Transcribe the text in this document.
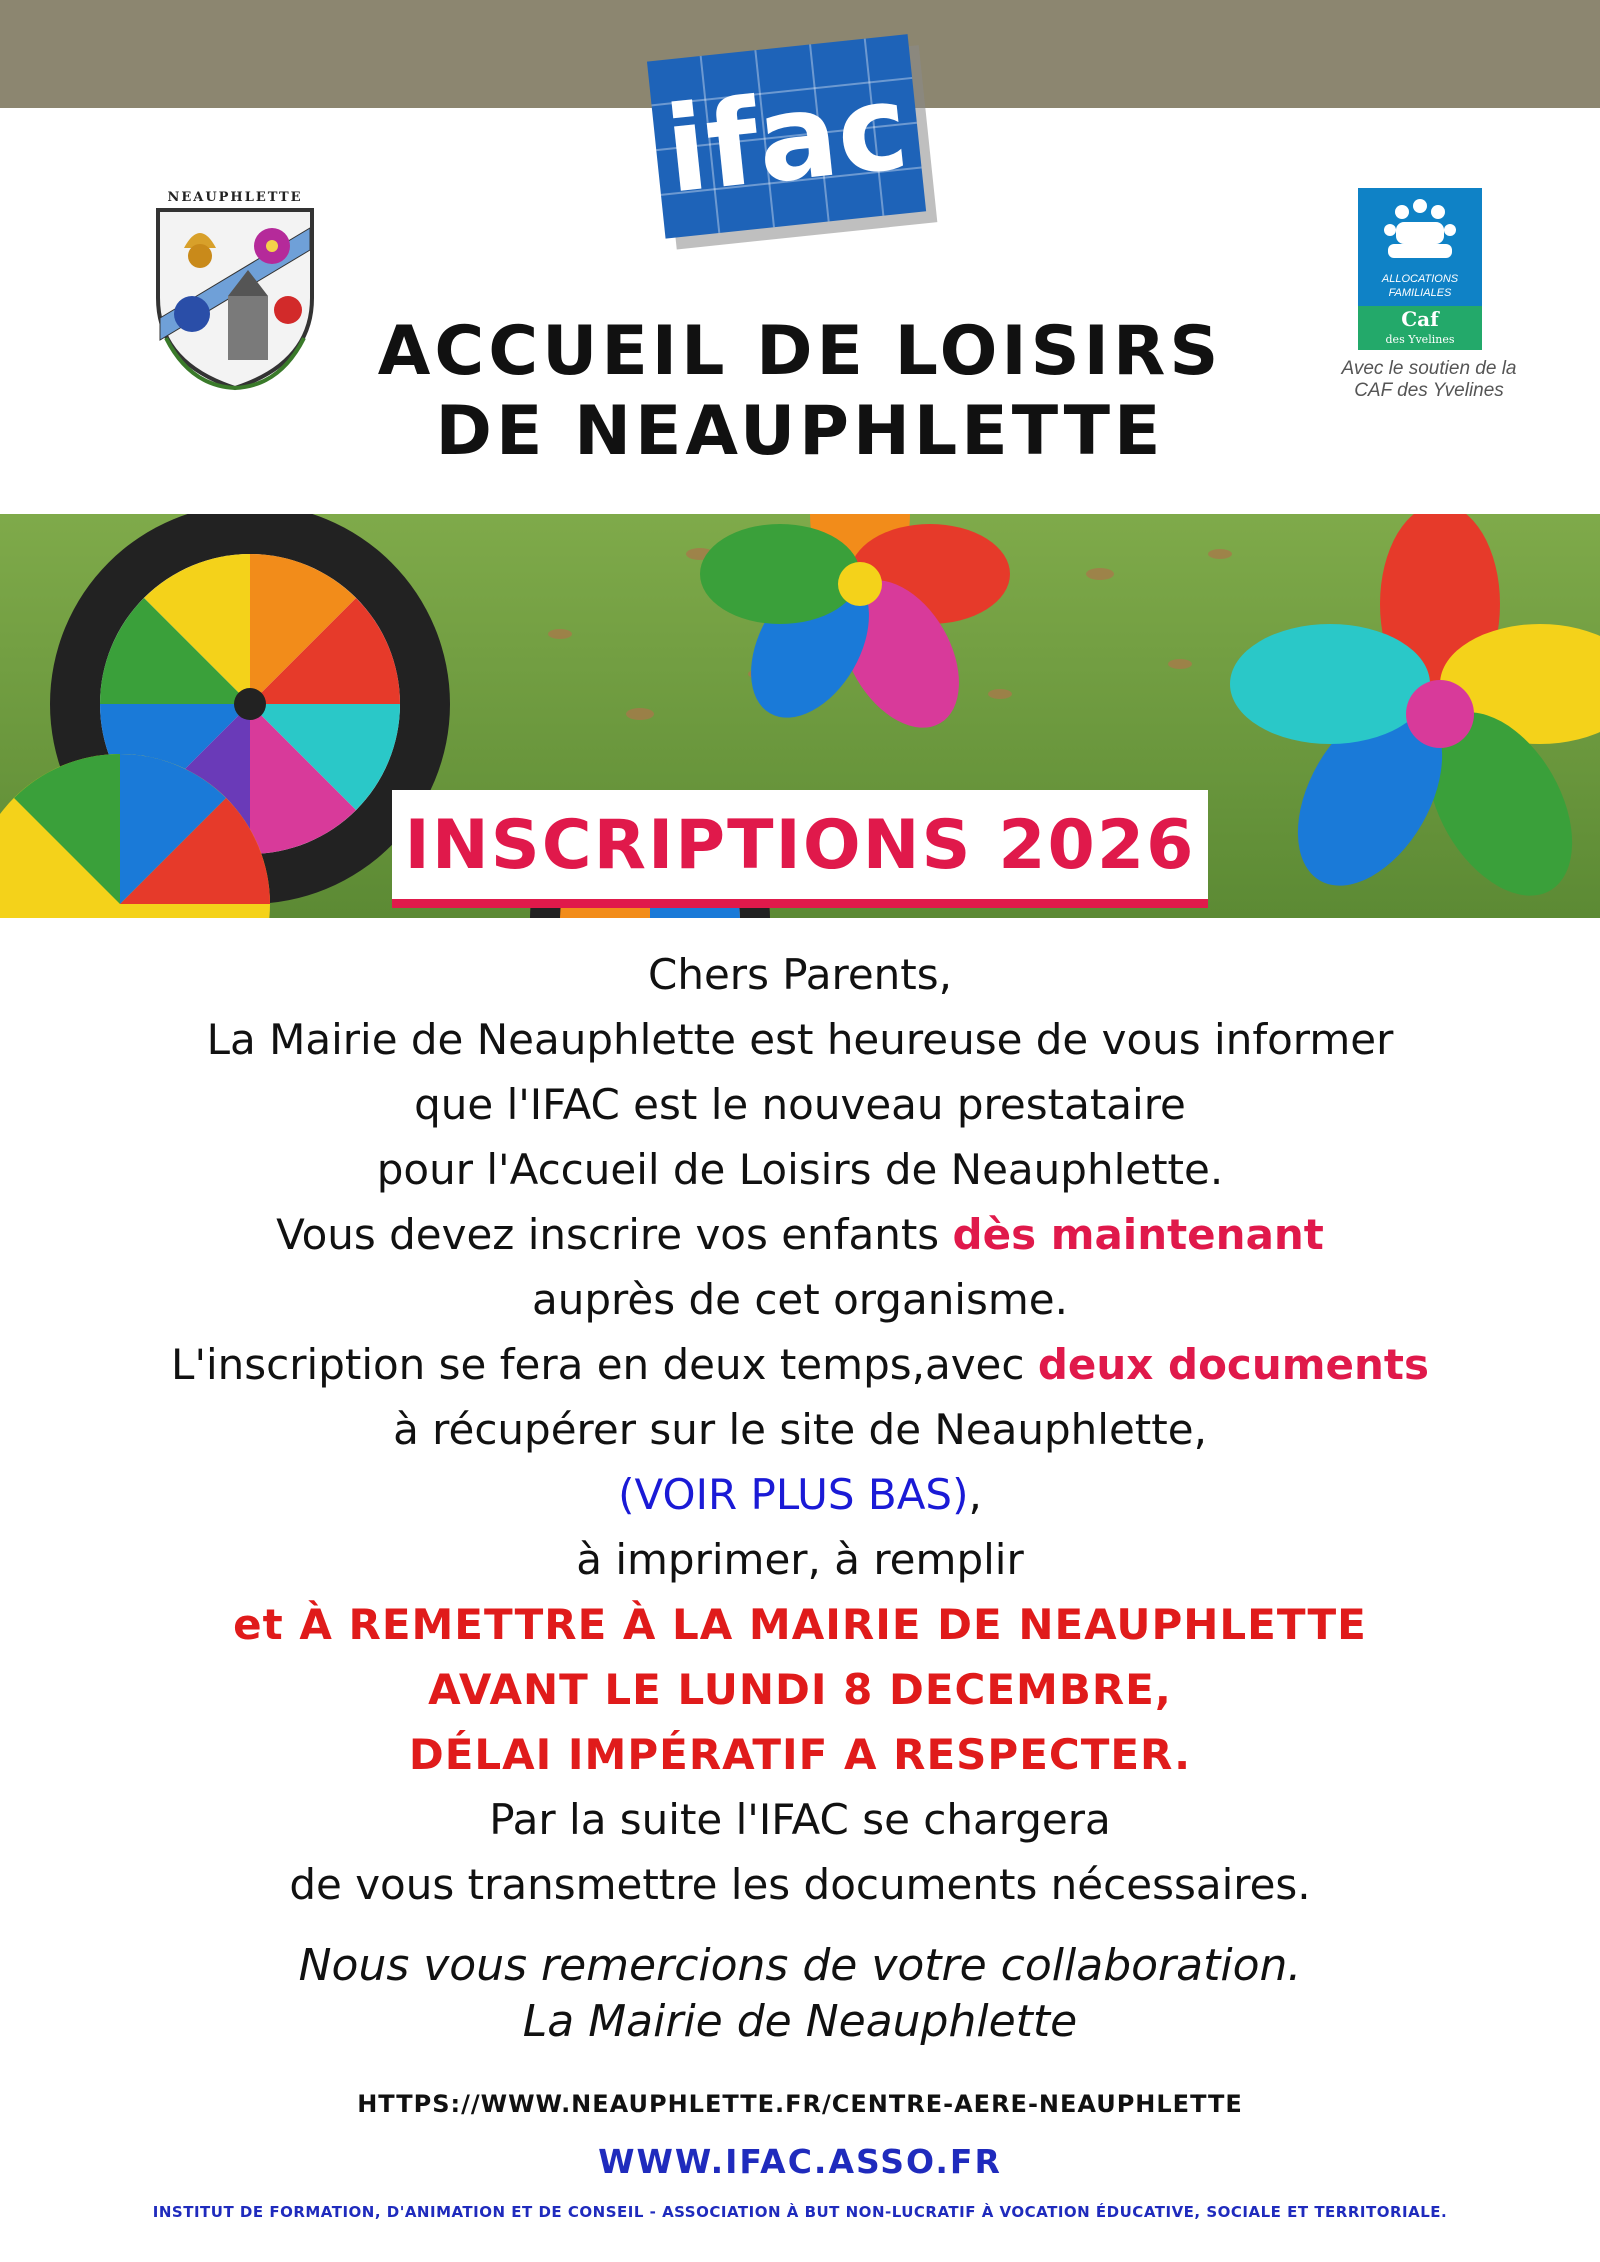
ifac
NEAUPHLETTE
ALLOCATIONS
FAMILIALES
Caf
des Yvelines
Avec le soutien de la
CAF des Yvelines
ACCUEIL DE LOISIRS
DE NEAUPHLETTE
INSCRIPTIONS 2026
Chers Parents,
La Mairie de Neauphlette est heureuse de vous informer
que l'IFAC est le nouveau prestataire
pour l'Accueil de Loisirs de Neauphlette.
Vous devez inscrire vos enfants dès maintenant
auprès de cet organisme.
L'inscription se fera en deux temps,avec deux documents
à récupérer sur le site de Neauphlette,
(VOIR PLUS BAS),
à imprimer, à remplir
et À REMETTRE À LA MAIRIE DE NEAUPHLETTE
AVANT LE LUNDI 8 DECEMBRE,
DÉLAI IMPÉRATIF A RESPECTER.
Par la suite l'IFAC se chargera
de vous transmettre les documents nécessaires.
Nous vous remercions de votre collaboration.
La Mairie de Neauphlette
HTTPS://WWW.NEAUPHLETTE.FR/CENTRE-AERE-NEAUPHLETTE
WWW.IFAC.ASSO.FR
INSTITUT DE FORMATION, D'ANIMATION ET DE CONSEIL - ASSOCIATION À BUT NON-LUCRATIF À VOCATION ÉDUCATIVE, SOCIALE ET TERRITORIALE.
